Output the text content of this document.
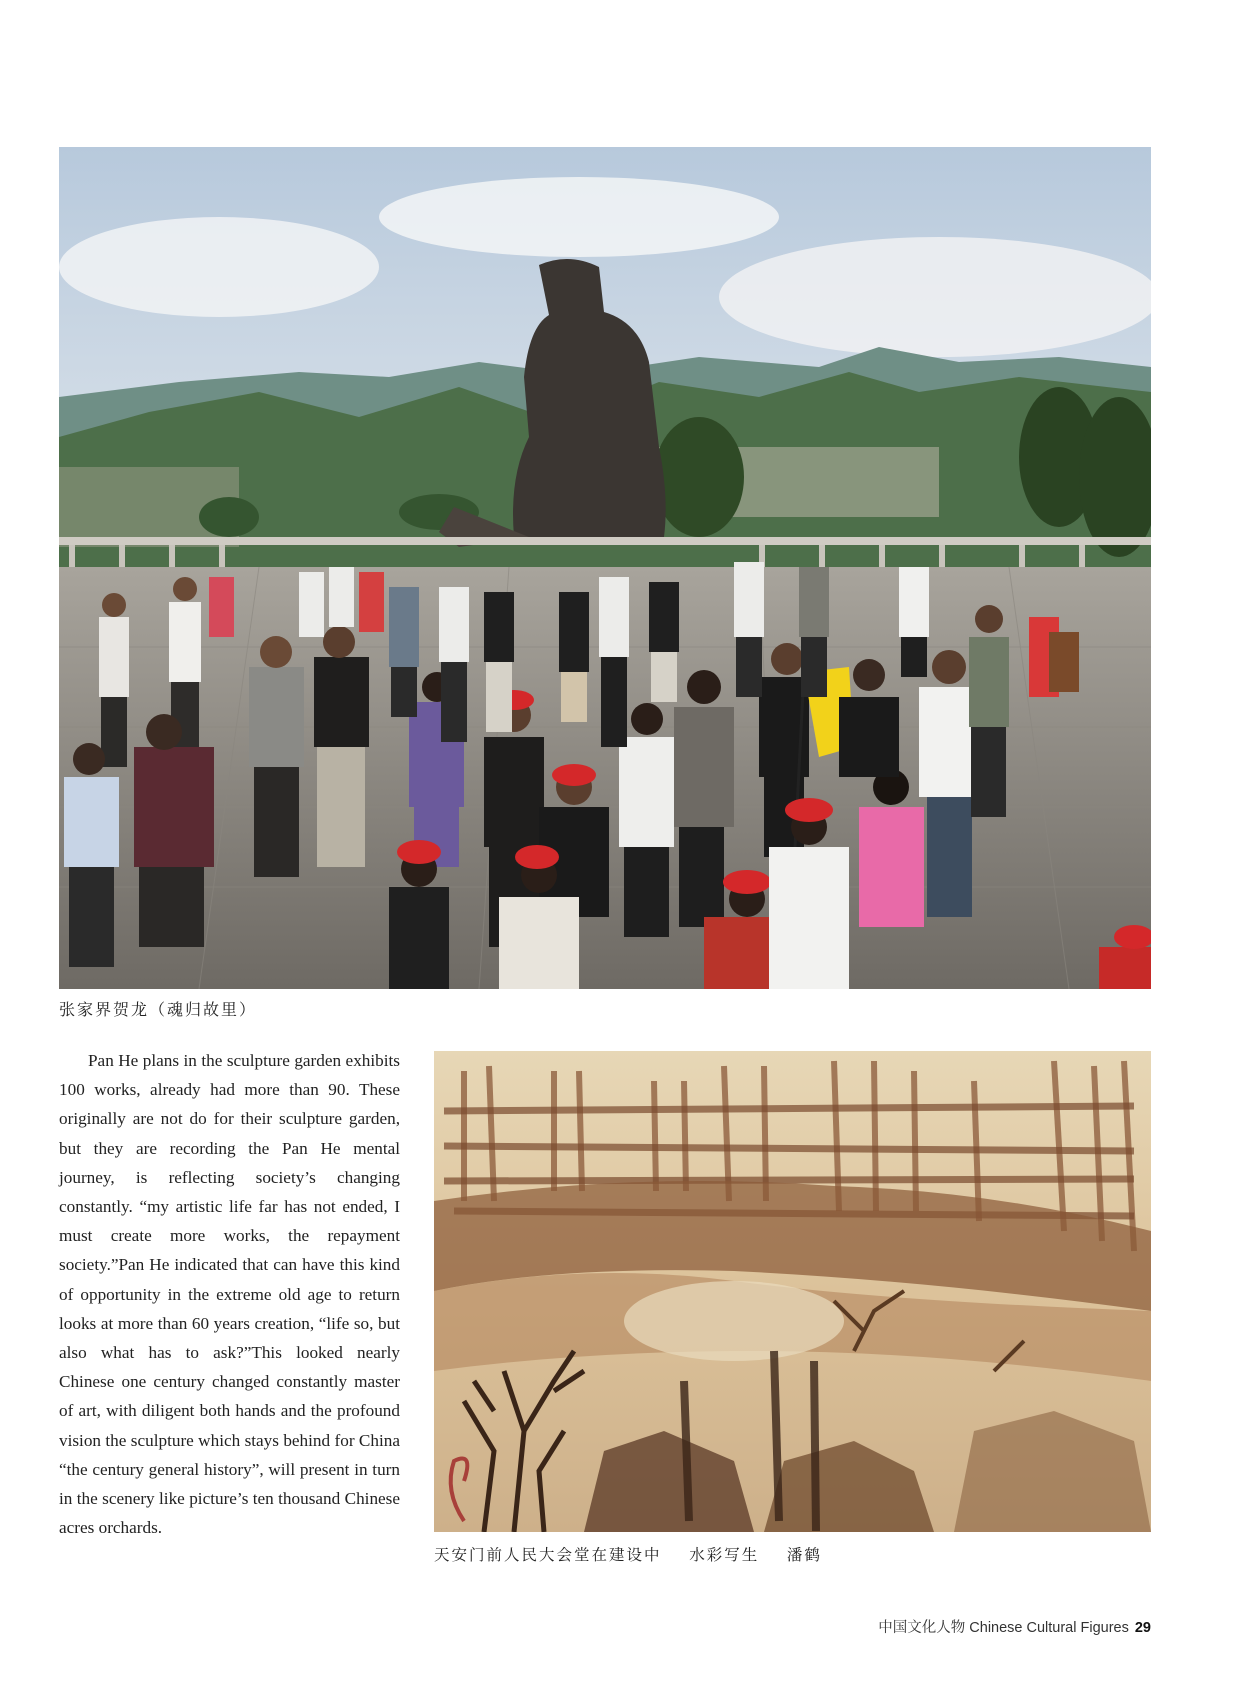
张家界贺龙（魂归故里）

Pan He plans in the sculpture garden exhibits 100 works, already had more than 90. These originally are not do for their sculpture garden, but they are recording the Pan He mental journey, is reflecting society’s changing constantly. “my artistic life far has not ended, I must create more works, the repayment society.”Pan He indicated that can have this kind of opportunity in the extreme old age to return looks at more than 60 years creation, “life so, but also what has to ask?”This looked nearly Chinese one century changed constantly master of art, with diligent both hands and the profound vision the sculpture which stays behind for China “the century general history”, will present in turn in the scenery like picture’s ten thousand Chinese acres orchards.

天安门前人民大会堂在建设中    水彩写生    潘鹤
中国文化人物 Chinese Cultural Figures 29
